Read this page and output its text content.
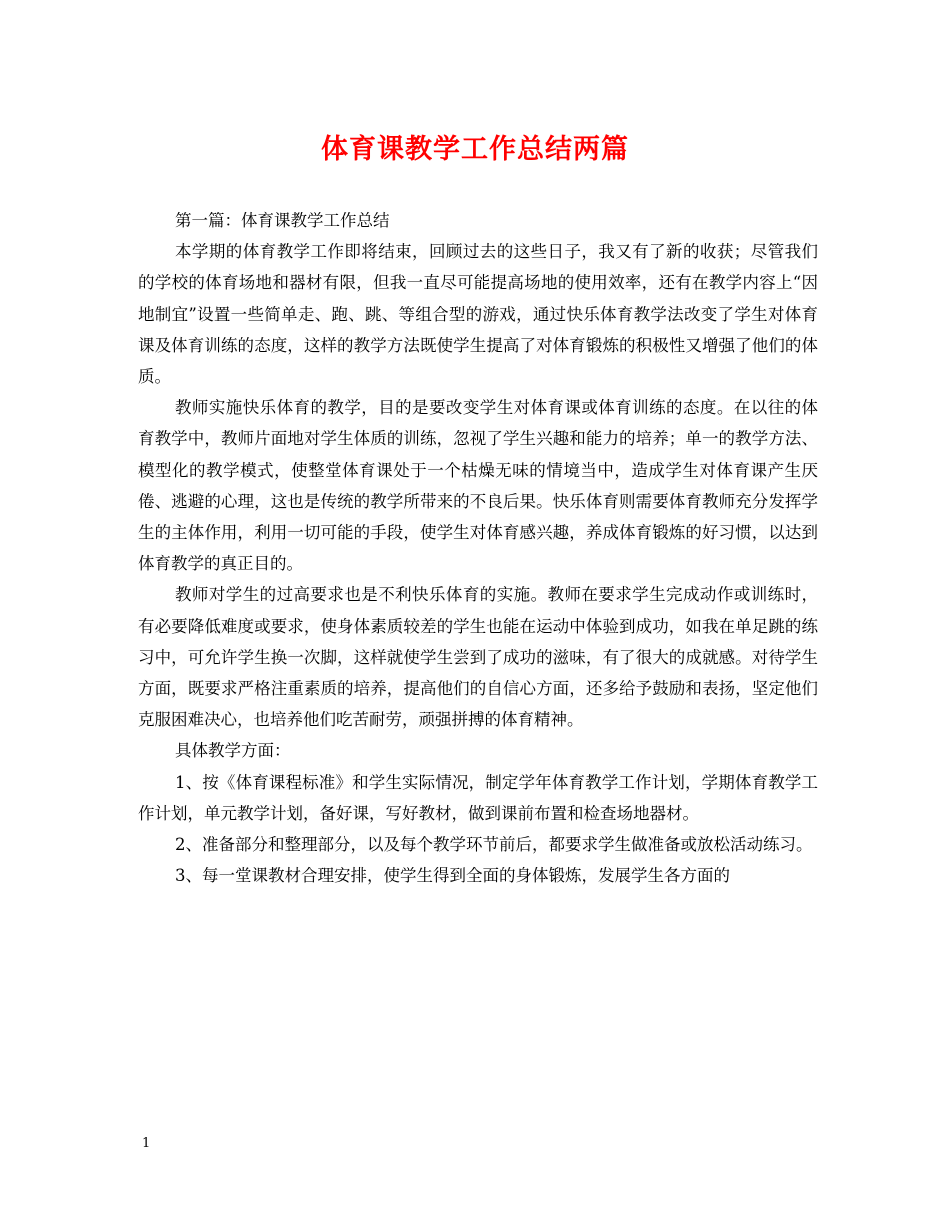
体育课教学工作总结两篇

第一篇：体育课教学工作总结

本学期的体育教学工作即将结束，回顾过去的这些日子，我又有了新的收获；尽管我们的学校的体育场地和器材有限，但我一直尽可能提高场地的使用效率，还有在教学内容上“因地制宜”设置一些简单走、跑、跳、等组合型的游戏，通过快乐体育教学法改变了学生对体育课及体育训练的态度，这样的教学方法既使学生提高了对体育锻炼的积极性又增强了他们的体质。

教师实施快乐体育的教学，目的是要改变学生对体育课或体育训练的态度。在以往的体育教学中，教师片面地对学生体质的训练，忽视了学生兴趣和能力的培养；单一的教学方法、模型化的教学模式，使整堂体育课处于一个枯燥无味的情境当中，造成学生对体育课产生厌倦、逃避的心理，这也是传统的教学所带来的不良后果。快乐体育则需要体育教师充分发挥学生的主体作用，利用一切可能的手段，使学生对体育感兴趣，养成体育锻炼的好习惯，以达到体育教学的真正目的。

教师对学生的过高要求也是不利快乐体育的实施。教师在要求学生完成动作或训练时，有必要降低难度或要求，使身体素质较差的学生也能在运动中体验到成功，如我在单足跳的练习中，可允许学生换一次脚，这样就使学生尝到了成功的滋味，有了很大的成就感。对待学生方面，既要求严格注重素质的培养，提高他们的自信心方面，还多给予鼓励和表扬，坚定他们克服困难决心，也培养他们吃苦耐劳，顽强拼搏的体育精神。

具体教学方面：

1、按《体育课程标准》和学生实际情况，制定学年体育教学工作计划，学期体育教学工作计划，单元教学计划，备好课，写好教材，做到课前布置和检查场地器材。

2、准备部分和整理部分，以及每个教学环节前后，都要求学生做准备或放松活动练习。

3、每一堂课教材合理安排，使学生得到全面的身体锻炼，发展学生各方面的

1
